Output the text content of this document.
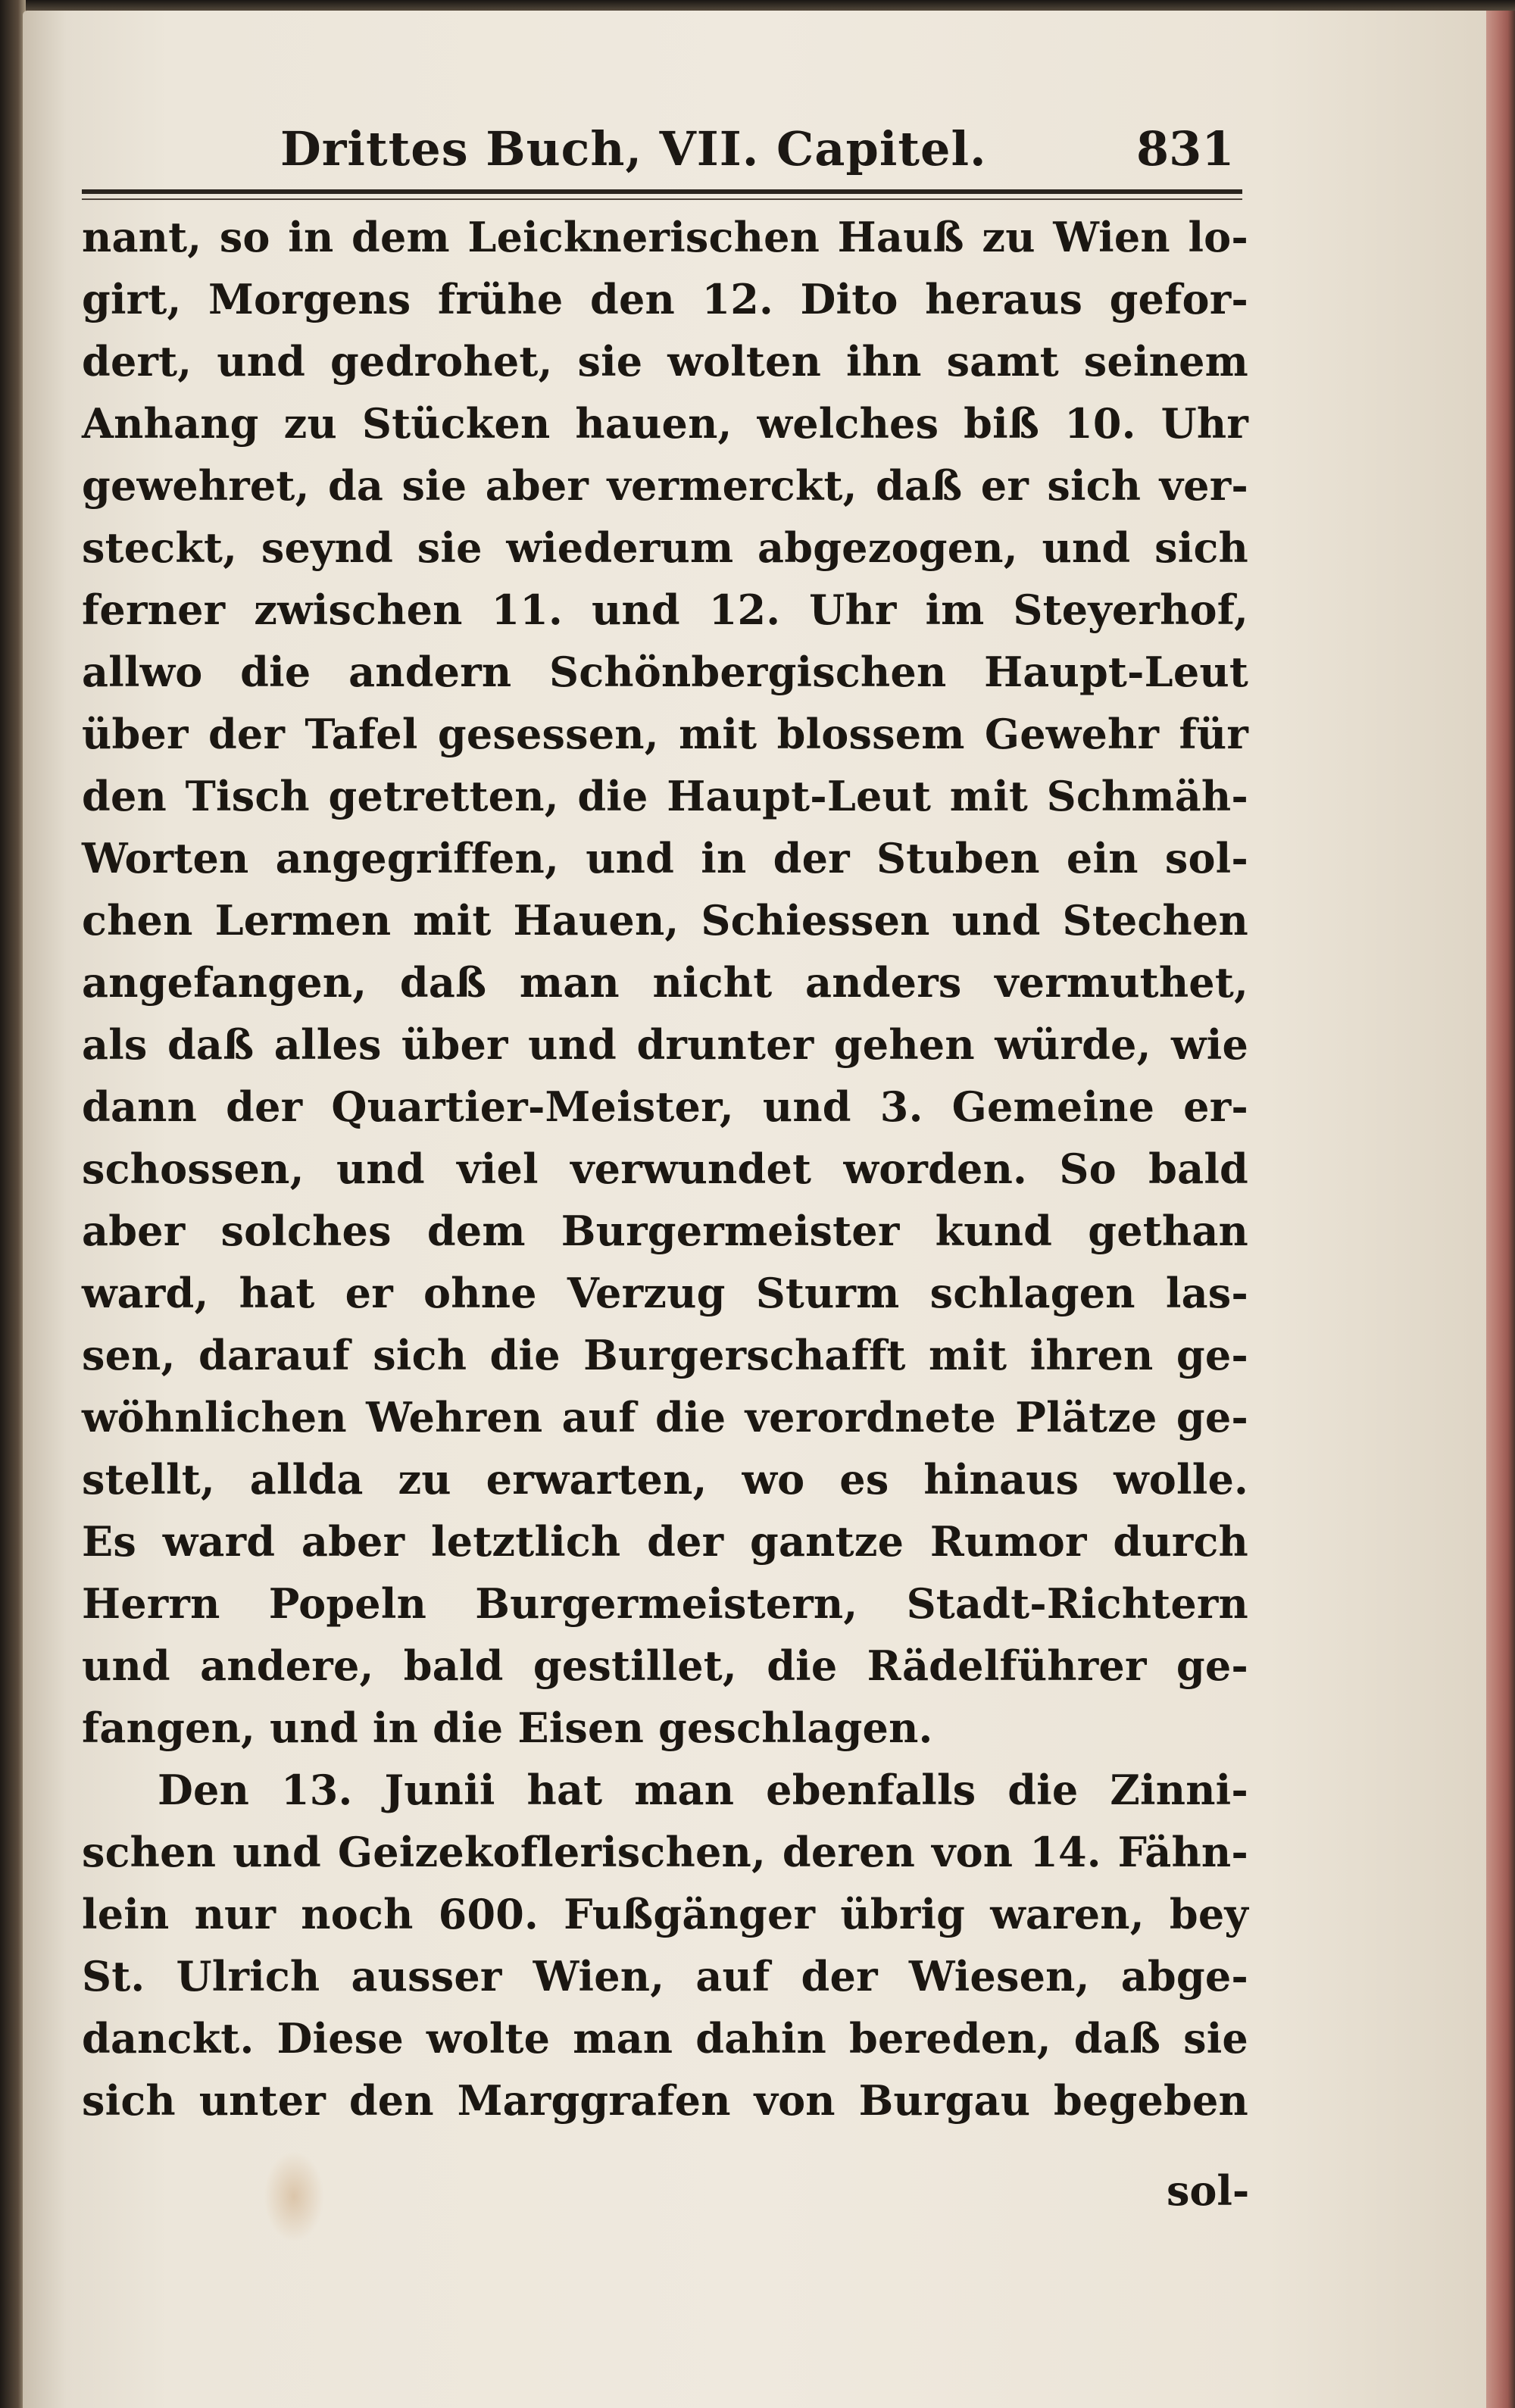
Drittes Buch, VII. Capitel.	831
nant, so in dem Leicknerischen Hauß zu Wien lo-
girt, Morgens frühe den 12. Dito heraus gefor-
dert, und gedrohet, sie wolten ihn samt seinem
Anhang zu Stücken hauen, welches biß 10. Uhr
gewehret, da sie aber vermerckt, daß er sich ver-
steckt, seynd sie wiederum abgezogen, und sich
ferner zwischen 11. und 12. Uhr im Steyerhof,
allwo die andern Schönbergischen Haupt-Leut
über der Tafel gesessen, mit blossem Gewehr für
den Tisch getretten, die Haupt-Leut mit Schmäh-
Worten angegriffen, und in der Stuben ein sol-
chen Lermen mit Hauen, Schiessen und Stechen
angefangen, daß man nicht anders vermuthet,
als daß alles über und drunter gehen würde, wie
dann der Quartier-Meister, und 3. Gemeine er-
schossen, und viel verwundet worden. So bald
aber solches dem Burgermeister kund gethan
ward, hat er ohne Verzug Sturm schlagen las-
sen, darauf sich die Burgerschafft mit ihren ge-
wöhnlichen Wehren auf die verordnete Plätze ge-
stellt, allda zu erwarten, wo es hinaus wolle.
Es ward aber letztlich der gantze Rumor durch
Herrn Popeln Burgermeistern, Stadt-Richtern
und andere, bald gestillet, die Rädelführer ge-
fangen, und in die Eisen geschlagen.
Den 13. Junii hat man ebenfalls die Zinni-
schen und Geizekoflerischen, deren von 14. Fähn-
lein nur noch 600. Fußgänger übrig waren, bey
St. Ulrich ausser Wien, auf der Wiesen, abge-
danckt. Diese wolte man dahin bereden, daß sie
sich unter den Marggrafen von Burgau begeben
sol-
